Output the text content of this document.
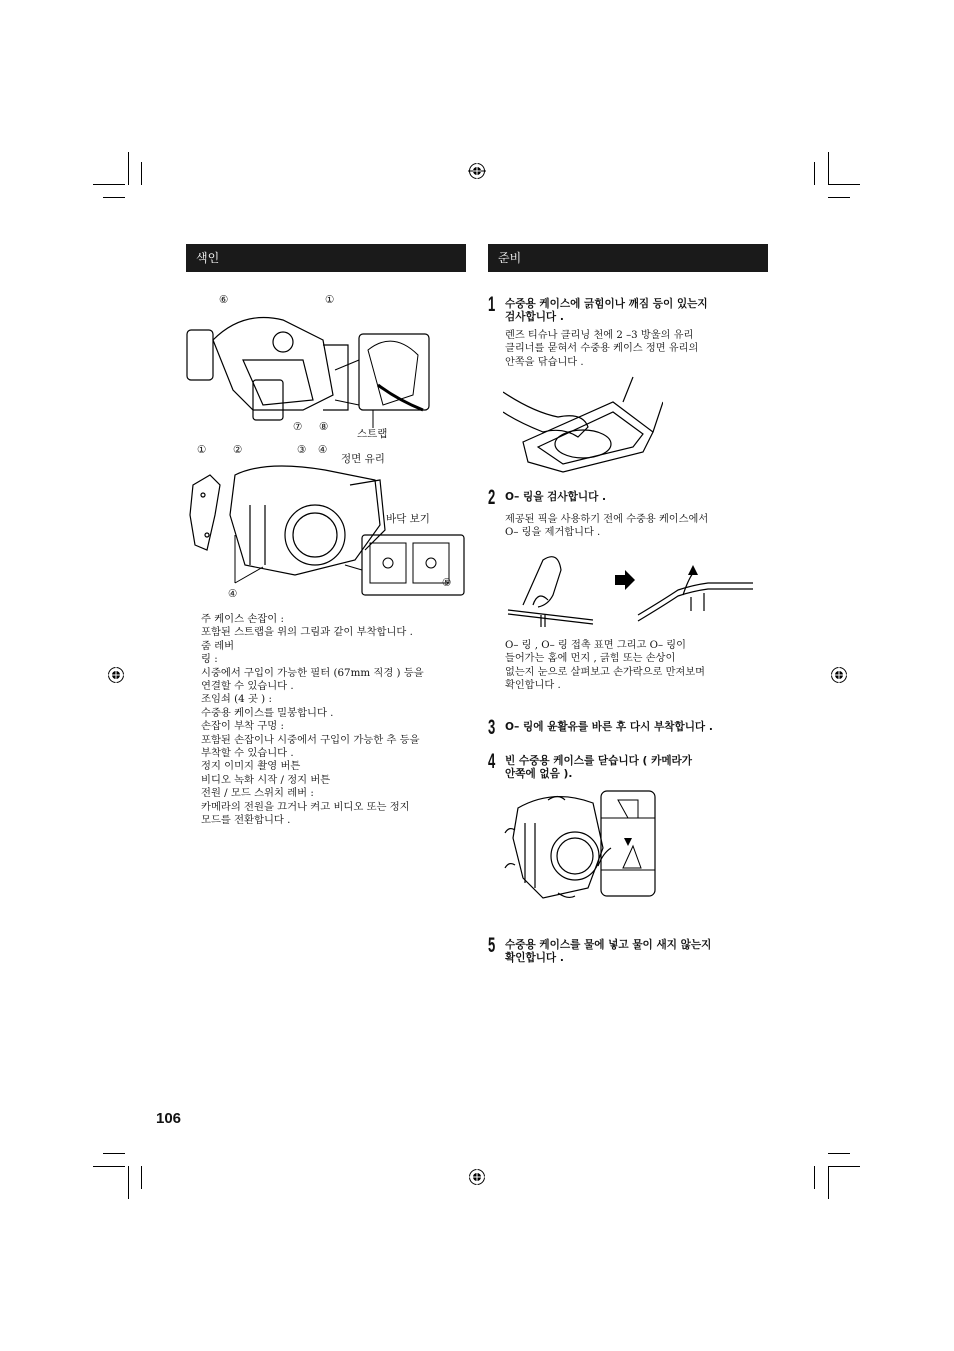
색인	준비
⑥	①
⑦ ⑧
스트랩
①	②	③ ④
정면 유리
바닥 보기
⑤
④
주 케이스 손잡이 :
포함된 스트랩을 위의 그림과 같이 부착합니다 .
줌 레버
링 :
시중에서 구입이 가능한 필터 (67mm 직경 ) 등을
연결할 수 있습니다 .
조임쇠 (4 곳 ) :
수중용 케이스를 밀봉합니다 .
손잡이 부착 구멍 :
포함된 손잡이나 시중에서 구입이 가능한 추 등을
부착할 수 있습니다 .
정지 이미지 촬영 버튼
비디오 녹화 시작 / 정지 버튼
전원 / 모드 스위치 레버 :
카메라의 전원을 끄거나 켜고 비디오 또는 정지
모드를 전환합니다 .
1 수중용 케이스에 긁힘이나 깨짐 등이 있는지
검사합니다 .
렌즈 티슈나 클리닝 천에 2 –3 방울의 유리
클리너를 묻혀서 수중용 케이스 정면 유리의
안쪽을 닦습니다 .
2 O– 링을 검사합니다 .
제공된 픽을 사용하기 전에 수중용 케이스에서
O– 링을 제거합니다 .
O– 링 , O– 링 접촉 표면 그리고 O– 링이
들어가는 홈에 먼지 , 긁힘 또는 손상이
없는지 눈으로 살펴보고 손가락으로 만져보며
확인합니다 .
3 O– 링에 윤활유를 바른 후 다시 부착합니다 .
4 빈 수중용 케이스를 닫습니다 ( 카메라가
안쪽에 없음 ).
5 수중용 케이스를 물에 넣고 물이 새지 않는지
확인합니다 .
106
